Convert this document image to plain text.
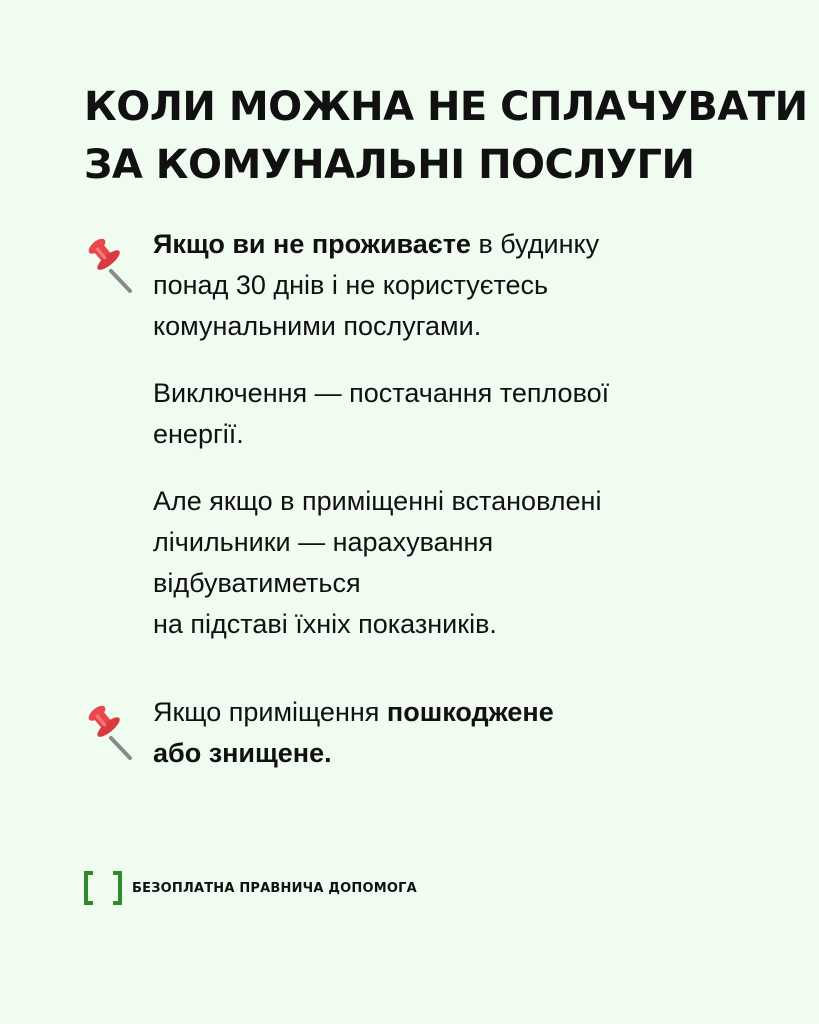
КОЛИ МОЖНА НЕ СПЛАЧУВАТИ
ЗА КОМУНАЛЬНІ ПОСЛУГИ

Якщо ви не проживаєте в будинку
понад 30 днів і не користуєтесь
комунальними послугами.

Виключення — постачання теплової
енергії.

Але якщо в приміщенні встановлені
лічильники — нарахування
відбуватиметься
на підставі їхніх показників.

Якщо приміщення пошкоджене
або знищене.

БЕЗОПЛАТНА ПРАВНИЧА ДОПОМОГА
